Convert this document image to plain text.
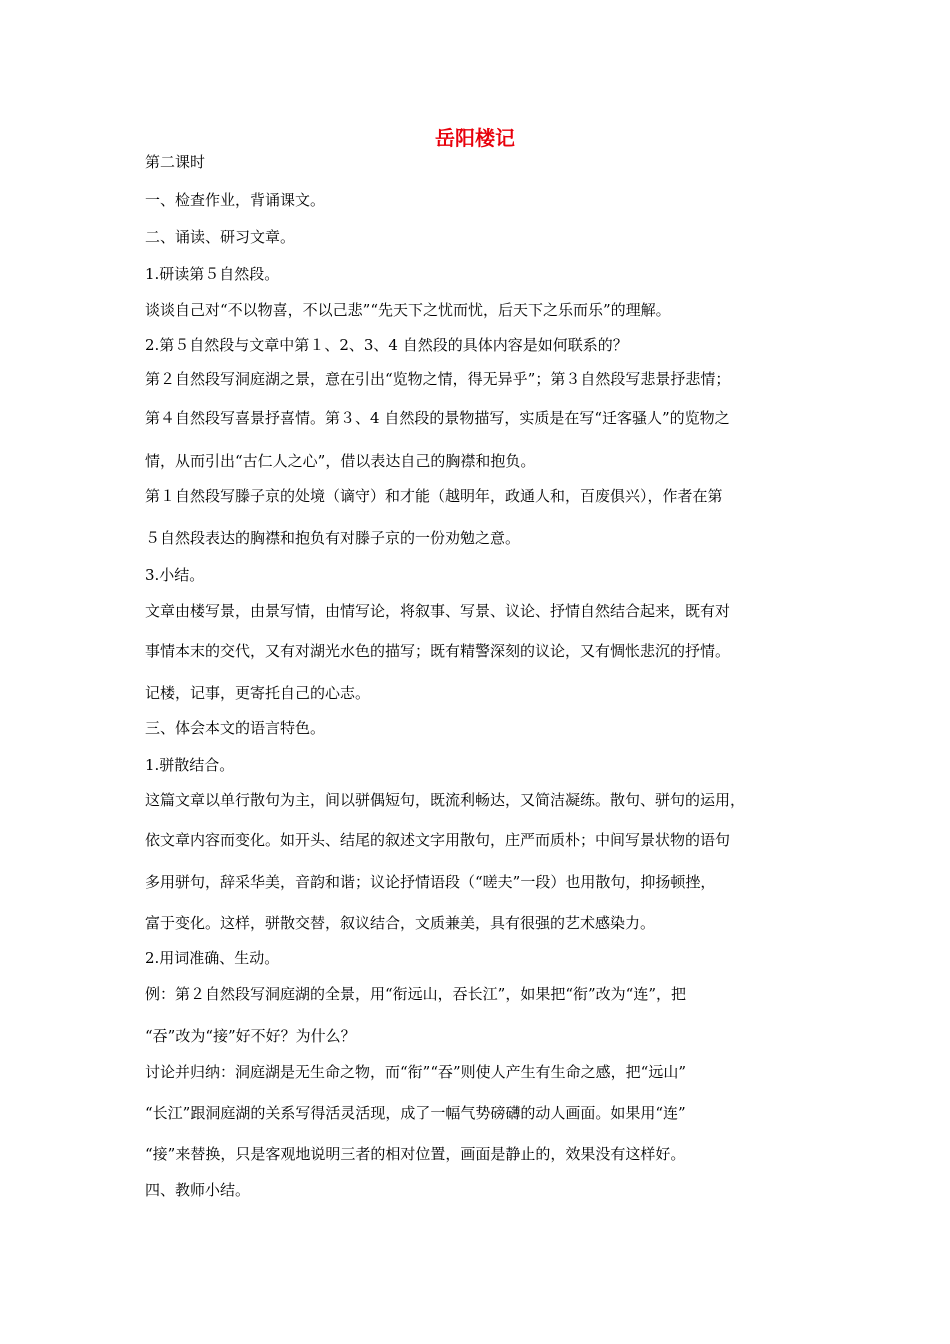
岳阳楼记
第二课时
一、检查作业，背诵课文。
二、诵读、研习文章。
1.研读第５自然段。
谈谈自己对“不以物喜，不以己悲”“先天下之忧而忧，后天下之乐而乐”的理解。
2.第５自然段与文章中第１、2、3、4 自然段的具体内容是如何联系的？
第２自然段写洞庭湖之景，意在引出“览物之情，得无异乎”；第３自然段写悲景抒悲情；
第４自然段写喜景抒喜情。第３、4 自然段的景物描写，实质是在写“迁客骚人”的览物之
情，从而引出“古仁人之心”，借以表达自己的胸襟和抱负。
第１自然段写滕子京的处境（谪守）和才能（越明年，政通人和，百废俱兴），作者在第
５自然段表达的胸襟和抱负有对滕子京的一份劝勉之意。
3.小结。
文章由楼写景，由景写情，由情写论，将叙事、写景、议论、抒情自然结合起来，既有对
事情本末的交代，又有对湖光水色的描写；既有精警深刻的议论，又有惆怅悲沉的抒情。
记楼，记事，更寄托自己的心志。
三、体会本文的语言特色。
1.骈散结合。
这篇文章以单行散句为主，间以骈偶短句，既流利畅达，又简洁凝练。散句、骈句的运用，
依文章内容而变化。如开头、结尾的叙述文字用散句，庄严而质朴；中间写景状物的语句
多用骈句，辞采华美，音韵和谐；议论抒情语段（“嗟夫”一段）也用散句，抑扬顿挫，
富于变化。这样，骈散交替，叙议结合，文质兼美，具有很强的艺术感染力。
2.用词准确、生动。
例：第２自然段写洞庭湖的全景，用“衔远山，吞长江”，如果把“衔”改为“连”，把
“吞”改为“接”好不好？为什么？
讨论并归纳：洞庭湖是无生命之物，而“衔”“吞”则使人产生有生命之感，把“远山”
“长江”跟洞庭湖的关系写得活灵活现，成了一幅气势磅礴的动人画面。如果用“连”
“接”来替换，只是客观地说明三者的相对位置，画面是静止的，效果没有这样好。
四、教师小结。
